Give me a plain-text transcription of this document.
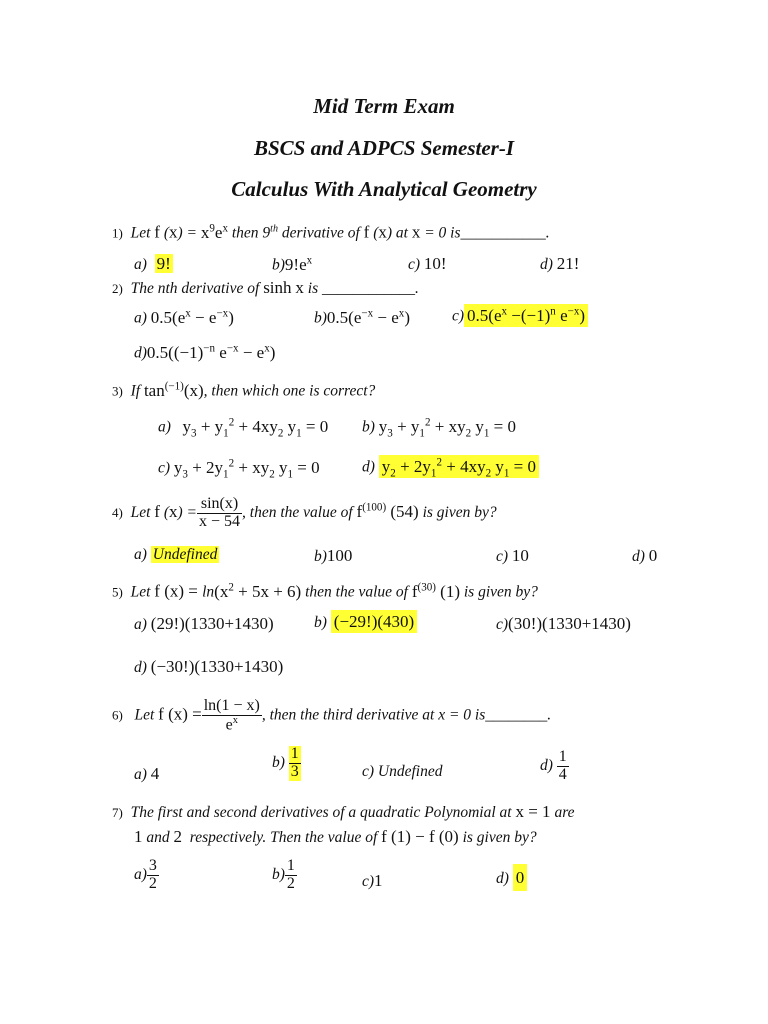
Mid Term Exam
BSCS and ADPCS Semester-I
Calculus With Analytical Geometry
1)  Let f $(x) = x^9e^x$ then 9th derivative of f (x) at x = 0 is___________.
a)  9!	$b)9!e^x$	c) 10!	d) 21!
2)  The nth derivative of sinh x is ____________.
a) $0.5(e^x - e^{-x})$	$b)0.5(e^{-x} - e^x)$	c) $0.5(e^x -(-1)^n$ $e^{-x}$)
$d)0.5((-1)^{-n}$ $e^{-x} - e^x$)
3)  If $\tan^{(-1)}(x)$, then which one is correct?
a)   $y_3 + y_1^2 + 4xy_2$ $y_1 = 0$ b) $y_3 + y_1^2 + xy_2$ $y_1 = 0$
c) $y_3 + 2y_1^2 + xy_2$ $y_1 = 0$	d) $y_2 + 2y_1^2 + 4xy_2$ $y_1 = 0$
4)  Let f $(x) = \frac{\sin(x)}{x - 54}$ , then the value of $f^{(100)}$ (54) is given by?
a) Undefined	b)100	c) 10	d) 0
5)  Let f $(x) = \ln(x^2 + 5x + 6)$ then the value of $f^{(30)}$ (1) is given by?
a) (29!)(1330+1430)	b) (−29!)(430)	c)(30!)(1330+1430)
d) (−30!)(1330+1430)
6)   Let f $(x) = \frac{\ln(1 - x)}{e^x}$ , then the third derivative at x = 0 is________.
a) 4
$b) \frac{1}{3}$	c) Undefined	$d) \frac{1}{4}$
7)  The first and second derivatives of a quadratic Polynomial at x = 1 are
1 and 2  respectively. Then the value of f (1) − f (0) is given by?
$a) \frac{3}{2}$	$b) \frac{1}{2}$	c)1	d) 0
